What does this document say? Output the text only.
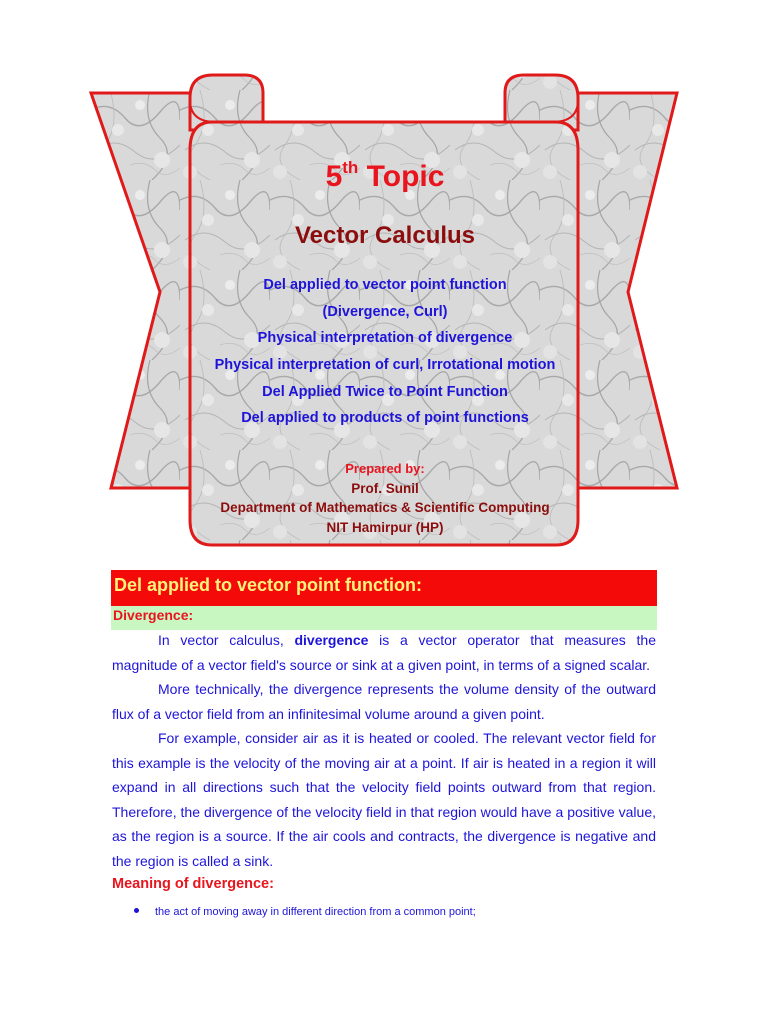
5th Topic
Vector Calculus
Del applied to vector point function
(Divergence, Curl)
Physical interpretation of divergence
Physical interpretation of curl, Irrotational motion
Del Applied Twice to Point Function
Del applied to products of point functions
Prepared by:
Prof. Sunil
Department of Mathematics & Scientific Computing
NIT Hamirpur (HP)
Del applied to vector point function:
Divergence:

In vector calculus, divergence is a vector operator that measures the magnitude of a vector field's source or sink at a given point, in terms of a signed scalar.

More technically, the divergence represents the volume density of the outward flux of a vector field from an infinitesimal volume around a given point.

For example, consider air as it is heated or cooled. The relevant vector field for this example is the velocity of the moving air at a point. If air is heated in a region it will expand in all directions such that the velocity field points outward from that region. Therefore, the divergence of the velocity field in that region would have a positive value, as the region is a source. If the air cools and contracts, the divergence is negative and the region is called a sink.

Meaning of divergence:
the act of moving away in different direction from a common point;
